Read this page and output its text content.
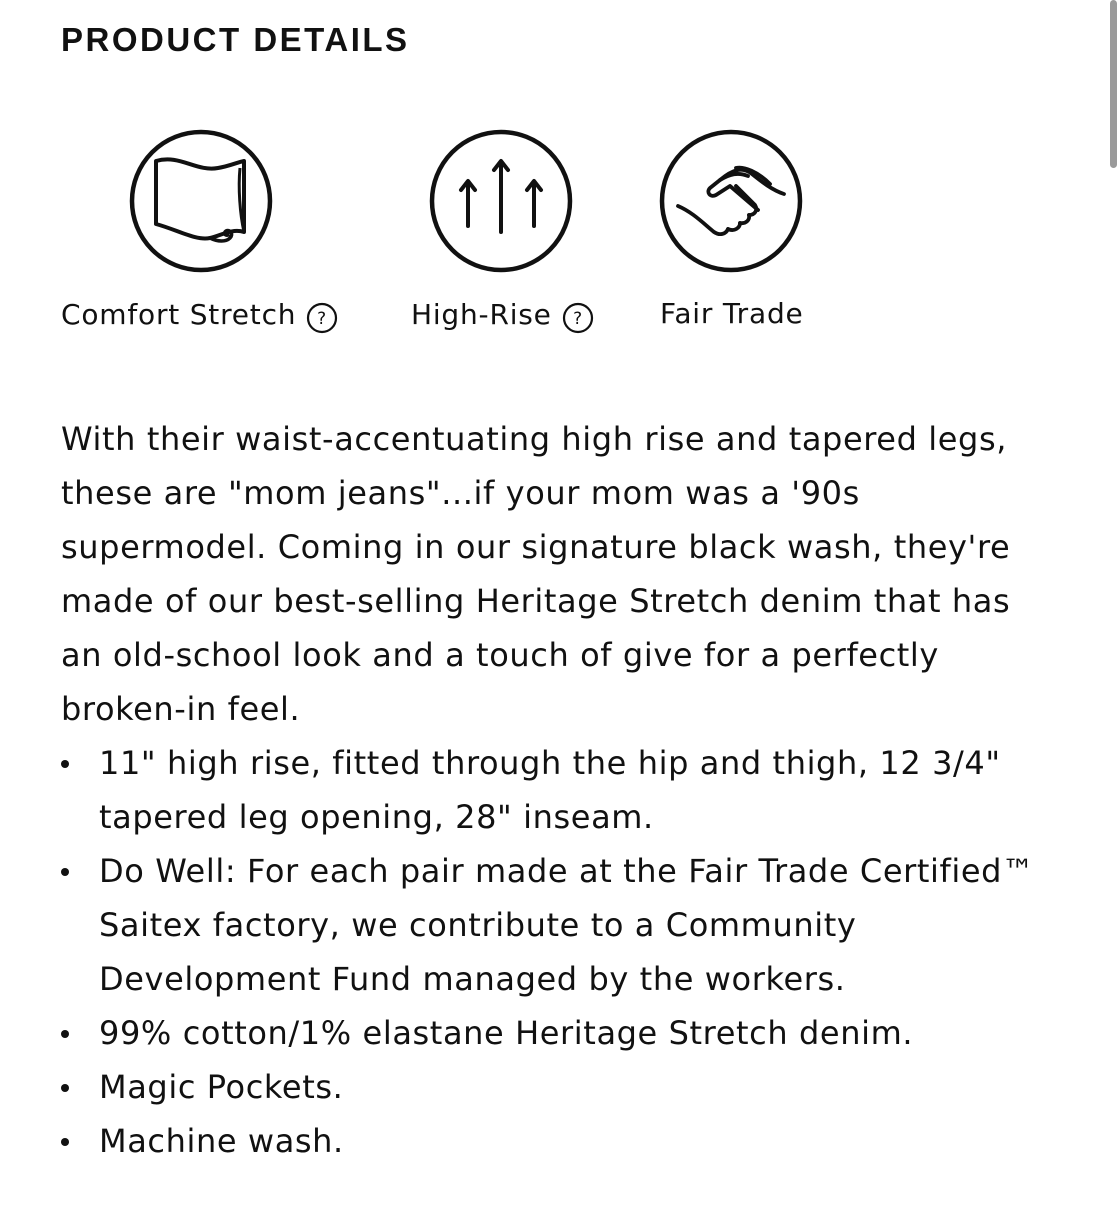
PRODUCT DETAILS
Comfort Stretch ?	High-Rise ?	Fair Trade

With their waist-accentuating high rise and tapered legs, these are "mom jeans"...if your mom was a '90s supermodel. Coming in our signature black wash, they're made of our best-selling Heritage Stretch denim that has an old-school look and a touch of give for a perfectly broken-in feel.

11" high rise, fitted through the hip and thigh, 12 3/4" tapered leg opening, 28" inseam.
Do Well: For each pair made at the Fair Trade Certified™ Saitex factory, we contribute to a Community Development Fund managed by the workers.
99% cotton/1% elastane Heritage Stretch denim.
Magic Pockets.
Machine wash.
